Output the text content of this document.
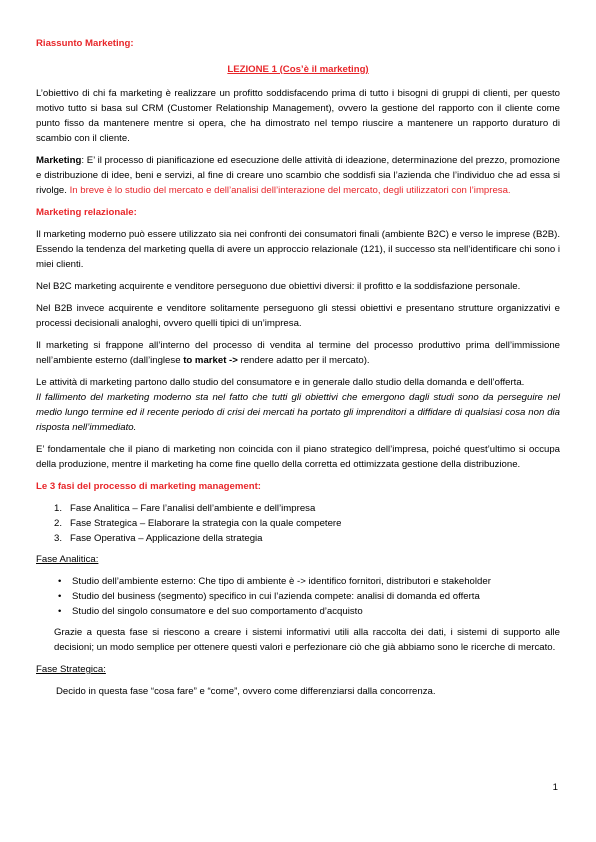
Riassunto Marketing:

LEZIONE 1 (Cos’è il marketing)

L’obiettivo di chi fa marketing è realizzare un profitto soddisfacendo prima di tutto i bisogni di gruppi di clienti, per questo motivo tutto si basa sul CRM (Customer Relationship Management), ovvero la gestione del rapporto con il cliente come punto fisso da mantenere mentre si opera, che ha dimostrato nel tempo riuscire a mantenere un rapporto duraturo di scambio con il cliente.

Marketing: E’ il processo di pianificazione ed esecuzione delle attività di ideazione, determinazione del prezzo, promozione e distribuzione di idee, beni e servizi, al fine di creare uno scambio che soddisfi sia l’azienda che l’individuo che ad essa si rivolge. In breve è lo studio del mercato e dell’analisi dell’interazione del mercato, degli utilizzatori con l’impresa.

Marketing relazionale:

Il marketing moderno può essere utilizzato sia nei confronti dei consumatori finali (ambiente B2C) e verso le imprese (B2B). Essendo la tendenza del marketing quella di avere un approccio relazionale (121), il successo sta nell’identificare chi sono i miei clienti.

Nel B2C marketing acquirente e venditore perseguono due obiettivi diversi: il profitto e la soddisfazione personale.

Nel B2B invece acquirente e venditore solitamente perseguono gli stessi obiettivi e presentano strutture organizzativi e processi decisionali analoghi, ovvero quelli tipici di un’impresa.

Il marketing si frappone all’interno del processo di vendita al termine del processo produttivo prima dell’immissione nell’ambiente esterno (dall’inglese to market -> rendere adatto per il mercato).

Le attività di marketing partono dallo studio del consumatore e in generale dallo studio della domanda e dell’offerta.
Il fallimento del marketing moderno sta nel fatto che tutti gli obiettivi che emergono dagli studi sono da perseguire nel medio lungo termine ed il recente periodo di crisi dei mercati ha portato gli imprenditori a diffidare di qualsiasi cosa non dia risposta nell’immediato.

E’ fondamentale che il piano di marketing non coincida con il piano strategico dell’impresa, poiché quest’ultimo si occupa della produzione, mentre il marketing ha come fine quello della corretta ed ottimizzata gestione della distribuzione.

Le 3 fasi del processo di marketing management:

1. Fase Analitica – Fare l’analisi dell’ambiente e dell’impresa
2. Fase Strategica – Elaborare la strategia con la quale competere
3. Fase Operativa – Applicazione della strategia

Fase Analitica:

• Studio dell’ambiente esterno: Che tipo di ambiente è -> identifico fornitori, distributori e stakeholder
• Studio del business (segmento) specifico in cui l’azienda compete: analisi di domanda ed offerta
• Studio del singolo consumatore e del suo comportamento d’acquisto

Grazie a questa fase si riescono a creare i sistemi informativi utili alla raccolta dei dati, i sistemi di supporto alle decisioni; un modo semplice per ottenere questi valori e perfezionare ciò che già abbiamo sono le ricerche di mercato.

Fase Strategica:

Decido in questa fase “cosa fare” e “come”, ovvero come differenziarsi dalla concorrenza.

1
